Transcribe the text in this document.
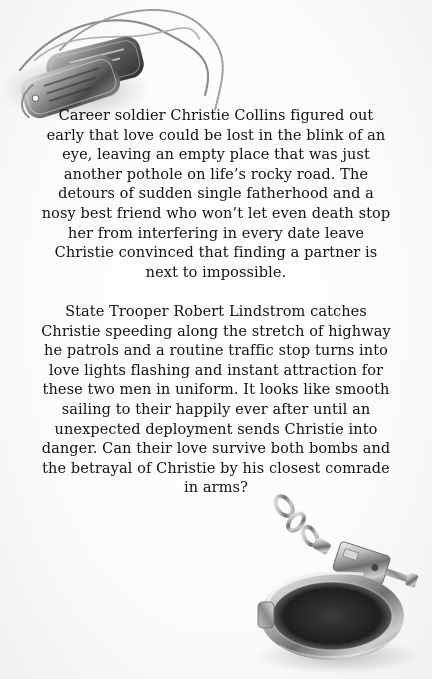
Career soldier Christie Collins figured out early that love could be lost in the blink of an eye, leaving an empty place that was just another pothole on life’s rocky road. The detours of sudden single fatherhood and a nosy best friend who won’t let even death stop her from interfering in every date leave Christie convinced that finding a partner is next to impossible.

State Trooper Robert Lindstrom catches Christie speeding along the stretch of highway he patrols and a routine traffic stop turns into love lights flashing and instant attraction for these two men in uniform. It looks like smooth sailing to their happily ever after until an unexpected deployment sends Christie into danger. Can their love survive both bombs and the betrayal of Christie by his closest comrade in arms?
